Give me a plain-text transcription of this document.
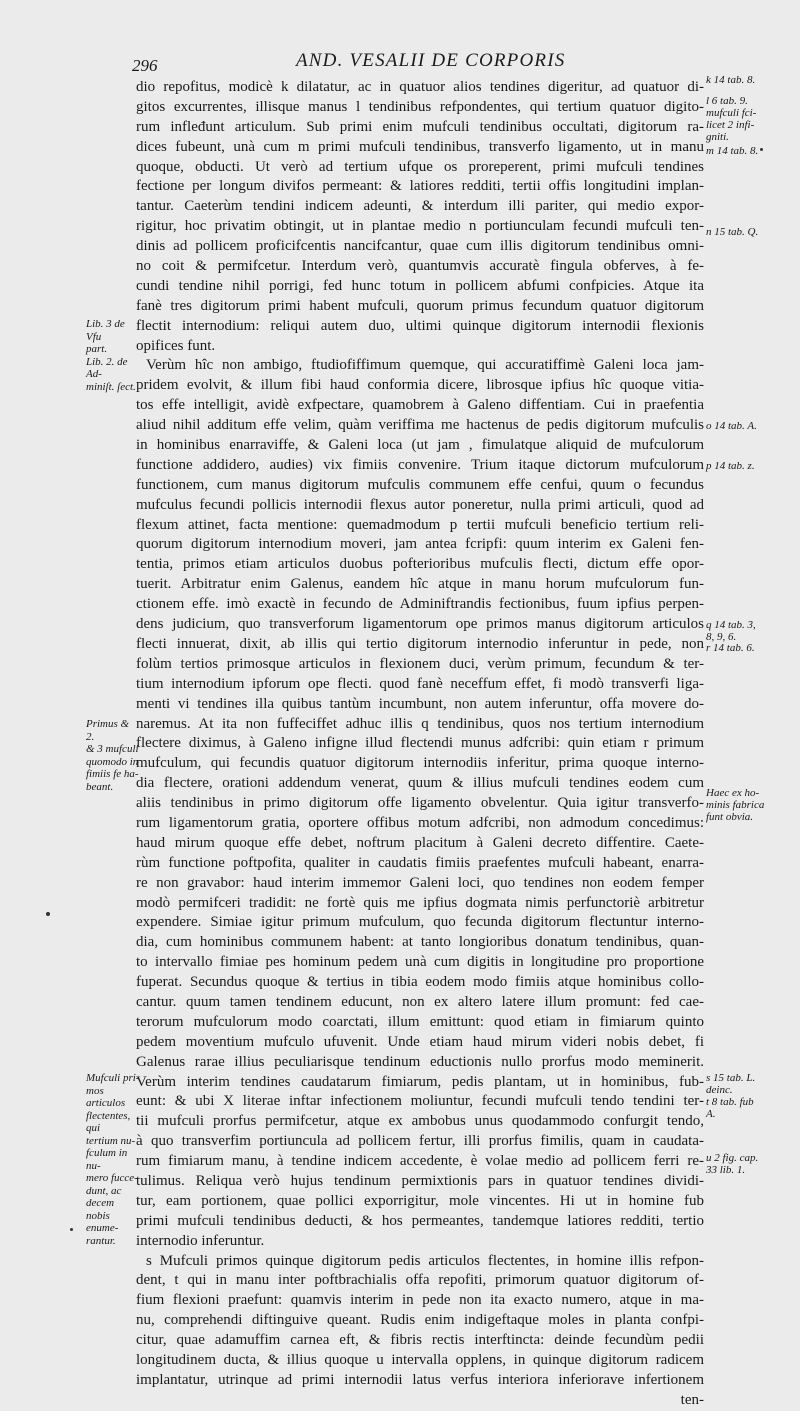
296	AND. VESALII DE CORPORIS
dio repofitus, modicè k dilatatur, ac in quatuor alios tendines digeritur, ad quatuor di-
gitos excurrentes, illisque manus l tendinibus refpondentes, qui tertium quatuor digito-
rum infleđunt articulum. Sub primi enim mufculi tendinibus occultati, digitorum ra-
dices fubeunt, unà cum m primi mufculi tendinibus, transverfo ligamento, ut in manu
quoque, obducti. Ut verò ad tertium ufque os proreperent, primi mufculi tendines
fectione per longum divifos permeant: & latiores redditi, tertii offis longitudini implan-
tantur. Caeterùm tendini indicem adeunti, & interdum illi pariter, qui medio expor-
rigitur, hoc privatim obtingit, ut in plantae medio n portiunculam fecundi mufculi ten-
dinis ad pollicem proficifcentis nancifcantur, quae cum illis digitorum tendinibus omni-
no coit & permifcetur. Interdum verò, quantumvis accuratè fingula obferves, à fe-
cundi tendine nihil porrigi, fed hunc totum in pollicem abfumi confpicies. Atque ita
fanè tres digitorum primi habent mufculi, quorum primus fecundum quatuor digitorum
flectit internodium: reliqui autem duo, ultimi quinque digitorum internodii flexionis
opifices funt.
Verùm hîc non ambigo, ftudiofiffimum quemque, qui accuratiffimè Galeni loca jam-
pridem evolvit, & illum fibi haud conformia dicere, librosque ipfius hîc quoque vitia-
tos effe intelligit, avidè exfpectare, quamobrem à Galeno diffentiam. Cui in praefentia
aliud nihil additum effe velim, quàm veriffima me hactenus de pedis digitorum mufculis
in hominibus enarraviffe, & Galeni loca (ut jam , fimulatque aliquid de mufculorum
functione addidero, audies) vix fimiis convenire. Trium itaque dictorum mufculorum
functionem, cum manus digitorum mufculis communem effe cenfui, quum o fecundus
mufculus fecundi pollicis internodii flexus autor poneretur, nulla primi articuli, quod ad
flexum attinet, facta mentione: quemadmodum p tertii mufculi beneficio tertium reli-
quorum digitorum internodium moveri, jam antea fcripfi: quum interim ex Galeni fen-
tentia, primos etiam articulos duobus pofterioribus mufculis flecti, dictum effe opor-
tuerit. Arbitratur enim Galenus, eandem hîc atque in manu horum mufculorum fun-
ctionem effe. imò exactè in fecundo de Adminiftrandis fectionibus, fuum ipfius perpen-
dens judicium, quo transverforum ligamentorum ope primos manus digitorum articulos
flecti innuerat, dixit, ab illis qui tertio digitorum internodio inferuntur in pede, non
folùm tertios primosque articulos in flexionem duci, verùm primum, fecundum & ter-
tium internodium ipforum ope flecti. quod fanè neceffum effet, fi modò transverfi liga-
menti vi tendines illa quibus tantùm incumbunt, non autem inferuntur, offa movere do-
naremus. At ita non fuffeciffet adhuc illis q tendinibus, quos nos tertium internodium
flectere diximus, à Galeno infigne illud flectendi munus adfcribi: quin etiam r primum
mufculum, qui fecundis quatuor digitorum internodiis inferitur, prima quoque interno-
dia flectere, orationi addendum venerat, quum & illius mufculi tendines eodem cum
aliis tendinibus in primo digitorum offe ligamento obvelentur. Quia igitur transverfo-
rum ligamentorum gratia, oportere offibus motum adfcribi, non admodum concedimus:
haud mirum quoque effe debet, noftrum placitum à Galeni decreto diffentire. Caete-
rùm functione poftpofita, qualiter in caudatis fimiis praefentes mufculi habeant, enarra-
re non gravabor: haud interim immemor Galeni loci, quo tendines non eodem femper
modò permifceri tradidit: ne fortè quis me ipfius dogmata nimis perfunctoriè arbitretur
expendere. Simiae igitur primum mufculum, quo fecunda digitorum flectuntur interno-
dia, cum hominibus communem habent: at tanto longioribus donatum tendinibus, quan-
to intervallo fimiae pes hominum pedem unà cum digitis in longitudine pro proportione
fuperat. Secundus quoque & tertius in tibia eodem modo fimiis atque hominibus collo-
cantur. quum tamen tendinem educunt, non ex altero latere illum promunt: fed cae-
terorum mufculorum modo coarctati, illum emittunt: quod etiam in fimiarum quinto
pedem moventium mufculo ufuvenit. Unde etiam haud mirum videri nobis debet, fi
Galenus rarae illius peculiarisque tendinum eductionis nullo prorfus modo meminerit.
Verùm interim tendines caudatarum fimiarum, pedis plantam, ut in hominibus, fub-
eunt: & ubi X literae inftar infectionem moliuntur, fecundi mufculi tendo tendini ter-
tii mufculi prorfus permifcetur, atque ex ambobus unus quodammodo confurgit tendo,
à quo transverfim portiuncula ad pollicem fertur, illi prorfus fimilis, quam in caudata-
rum fimiarum manu, à tendine indicem accedente, è volae medio ad pollicem ferri re-
tulimus. Reliqua verò hujus tendinum permixtionis pars in quatuor tendines dividi-
tur, eam portionem, quae pollici exporrigitur, mole vincentes. Hi ut in homine fub
primi mufculi tendinibus deducti, & hos permeantes, tandemque latiores redditi, tertio
internodio inferuntur.
s Mufculi primos quinque digitorum pedis articulos flectentes, in homine illis refpon-
dent, t qui in manu inter poftbrachialis offa repofiti, primorum quatuor digitorum of-
fium flexioni praefunt: quamvis interim in pede non ita exacto numero, atque in ma-
nu, comprehendi diftinguive queant. Rudis enim indigeftaque moles in planta confpi-
citur, quae adamuffim carnea eft, & fibris rectis interftincta: deinde fecundùm pedii
longitudinem ducta, & illius quoque u intervalla opplens, in quinque digitorum radicem
implantatur, utrinque ad primi internodii latus verfus interiora inferiorave infertionem
ten-
Lib. 3 de Vfu
part.
Lib. 2. de Ad-
miniſt. ſect.
Primus & 2.
& 3 mufculi
quomodo in
fimiis fe ha-
beant.
Mufculi pri-
mos articulos
flectentes, qui
tertium nu-
fculum in nu-
mero fucce-
dunt, ac decem
nobis enume-
rantur.
k 14 tab. 8.
l 6 tab. 9.
mufculi fci-
licet 2 infi-
gniti.
m 14 tab. 8.
n 15 tab. Q.
o 14 tab. A.
p 14 tab. z.
q 14 tab. 3,
8, 9, 6.
r 14 tab. 6.
Haec ex ho-
minis fabrica
funt obvia.
s 15 tab. L.
deinc.
t 8 tab. fub
A.
u 2 fig. cap.
33 lib. 1.
